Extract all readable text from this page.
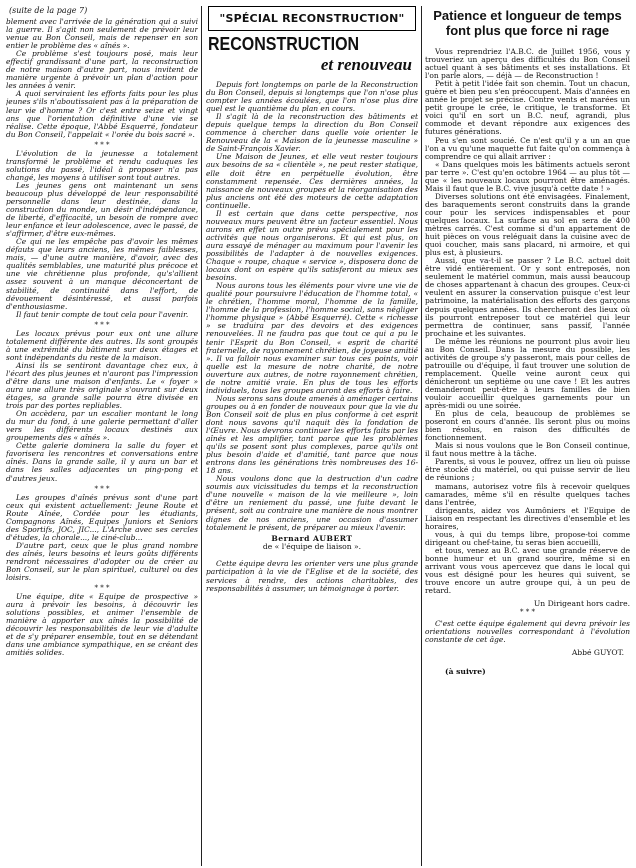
(suite de la page 7)

blement avec l'arrivée de la génération qui a suivi la guerre. Il s'agit non seulement de prévoir leur venue au Bon Conseil, mais de repenser en son entier le problème des « aînés ».

Ce problème s'est toujours posé, mais leur effectif grandissant d'une part, la reconstruction de notre maison d'autre part, nous invitent de manière urgente à prévoir un plan d'action pour les années à venir.

A quoi serviraient les efforts faits pour les plus jeunes s'ils n'aboutissaient pas à la préparation de leur vie d'homme ? Or c'est entre seize et vingt ans que l'orientation définitive d'une vie se réalise. Cette époque, l'Abbé Esquerré, fondateur du Bon Conseil, l'appelait « l'orée du bois sacré ».

* * *

L'évolution de la jeunesse a totalement transformé le problème et rendu caduques les solutions du passé, l'idéal à proposer n'a pas changé, les moyens à utiliser sont tout autres.

Les jeunes gens ont maintenant un sens beaucoup plus développé de leur responsabilité personnelle dans leur destinée, dans la construction du monde, un désir d'indépendance, de liberté, d'efficacité, un besoin de rompre avec leur enfance et leur adolescence, avec le passé, de s'affirmer, d'être eux-mêmes.

Ce qui ne les empêche pas d'avoir les mêmes défauts que leurs anciens, les mêmes faiblesses, mais, — d'une autre manière, d'avoir, avec des qualités semblables, une maturité plus précoce et une vie chrétienne plus profonde, qu's'allient assez souvent à un manque déconcertant de stabilité, de continuité dans l'effort, de dévouement désintéressé, et aussi parfois d'enthousiasme.

Il faut tenir compte de tout cela pour l'avenir.

* * *

Les locaux prévus pour eux ont une allure totalement différente des autres. Ils sont groupés à une extrémité du bâtiment sur deux étages et sont indépendants du reste de la maison.

Ainsi ils se sentiront davantage chez eux, à l'écart des plus jeunes et n'auront pas l'impression d'être dans une maison d'enfants. Le « foyer » aura une allure très originale s'ouvrant sur deux étages, sa grande salle pourra être divisée en trois par des portes repliables.

On accèdera, par un escalier montant le long du mur du fond, à une galerie permettant d'aller vers les différents locaux destinés aux groupements des « aînés ».

Cette galerie dominera la salle du foyer et favorisera les rencontres et conversations entre aînés. Dans la grande salle, il y aura un bar et dans les salles adjacentes un ping-pong et d'autres jeux.

* * *

Les groupes d'aînés prévus sont d'une part ceux qui existent actuellement: Jeune Route et Route Aînée, Cordée pour les étudiants, Compagnons Aînés, Equipes Juniors et Seniors des Sportifs, JOC, JIC..., L'Arche avec ses cercles d'études, la chorale..., le ciné-club...

D'autre part, ceux que le plus grand nombre des aînés, leurs besoins et leurs goûts différents rendront nécessaires d'adopter ou de créer au Bon Conseil, sur le plan spirituel, culturel ou des loisirs.

* * *

Une équipe, dite « Equipe de prospective » aura à prévoir les besoins, à découvrir les solutions possibles, et animer l'ensemble de manière à apporter aux aînés la possibilité de découvrir les responsabilités de leur vie d'adulte et de s'y préparer ensemble, tout en se détendant dans une ambiance sympathique, en se créant des amitiés solides.

"SPÉCIAL RECONSTRUCTION"
RECONSTRUCTION
et renouveau

Depuis fort longtemps on parle de la Reconstruction du Bon Conseil, depuis si longtemps que l'on n'ose plus compter les années écoulées, que l'on n'ose plus dire quel est le quantième du plan en cours.

Il s'agit là de la reconstruction des bâtiments et depuis quelque temps la direction du Bon Conseil commence à chercher dans quelle voie orienter le Renouveau de la « Maison de la jeunesse masculine » de Saint-François Xavier.

Une Maison de Jeunes, et elle veut rester toujours aux besoins de sa « clientèle », ne peut rester statique, elle doit être en perpétuelle évolution, être constamment repensée. Ces dernières années, la naissance de nouveaux groupes et la réorganisation des plus anciens ont été des moteurs de cette adaptation continuelle.

Il est certain que dans cette perspective, nos nouveaux murs peuvent être un facteur essentiel. Nous aurons en effet un outre prévu spécialement pour les activités que nous organiserons. Et qui est plus, on aura essayé de ménager au maximum pour l'avenir les possibilités de l'adapter à de nouvelles exigences. Chaque « roupe, chaque « service », disposera donc de locaux dont on espère qu'ils satisferont au mieux ses besoins.

Nous aurons tous les éléments pour vivre une vie de qualité pour poursuivre l'éducation de l'homme total, « le chrétien, l'homme moral, l'homme de la famille, l'homme de la profession, l'homme social, sans négliger l'homme physique » (Abbé Esquerré). Cette « richesse » se traduira par des devoirs et des exigences renouvelées. Il ne faudra pas que tout ce qui a pu le tenir l'Esprit du Bon Conseil, « esprit de charité fraternelle, de rayonnement chrétien, de joyeuse amitié ». Il va falloir nous examiner sur tous ces points, voir quelle est la mesure de notre charité, de notre ouverture aux autres, de notre rayonnement chrétien, de notre amitié vraie. En plus de tous les efforts individuels, tous les groupes auront des efforts à faire.

Nous serons sans doute amenés à aménager certains groupes ou à en fonder de nouveaux pour que la vie du Bon Conseil soit de plus en plus conforme à cet esprit dont nous savons qu'il naquit dès la fondation de l'Œuvre. Nous devrons continuer les efforts faits par les aînés et les amplifier, tant parce que les problèmes qu'ils se posent sont plus complexes, parce qu'ils ont plus besoin d'aide et d'amitié, tant parce que nous entrons dans les générations très nombreuses des 16-18 ans.

Nous voulons donc que la destruction d'un cadre soumis aux vicissitudes du temps et la reconstruction d'une nouvelle « maison de la vie meilleure », loin d'être un reniement du passé, une fuite devant le présent, soit au contraire une manière de nous montrer dignes de nos anciens, une occasion d'assumer totalement le présent, de préparer au mieux l'avenir.

Bernard AUBERT
de « l'équipe de liaison ».

Cette équipe devra les orienter vers une plus grande participation à la vie de l'Eglise et de la société, des services à rendre, des actions charitables, des responsabilités à assumer, un témoignage à porter.

Patience et longueur de temps
font plus que force ni rage

Vous reprendriez l'A.B.C. de Juillet 1956, vous y trouveriez un aperçu des difficultés du Bon Conseil actuel quant à ses bâtiments et ses installations. Et l'on parle alors, — déjà — de Reconstruction !

Petit à petit l'idée fait son chemin. Tout un chacun, guère et bien peu s'en préoccupent. Mais d'années en année le projet se précise. Contre vents et marées un petit groupe le crée, le critique, le transforme. Et voici qu'il en sort un B.C. neuf, agrandi, plus commode et devant répondre aux exigences des futures générations.

Peu s'en sont soucié. Ce n'est qu'il y a un an que l'on a vu qu'une maquette fut faite qu'on commença à comprendre ce qui allait arriver :

« Dans quelques mois les bâtiments actuels seront par terre ». C'est qu'en octobre 1964 — au plus tôt — que « les nouveaux locaux pourront être aménagés. Mais il faut que le B.C. vive jusqu'à cette date ! »

Diverses solutions ont été envisagées. Finalement, des baraquements seront construits dans la grande cour pour les services indispensables et pour quelques locaux. La surface au sol en sera de 400 mètres carrés. C'est comme si d'un appartement de huit pièces on vous reléguait dans la cuisine avec de quoi coucher, mais sans placard, ni armoire, et qui plus est, à plusieurs.

Aussi, que va-t-il se passer ? Le B.C. actuel doit être vidé entièrement. Or y sont entreposés, non seulement le matériel commun, mais aussi beaucoup de choses appartenant à chacun des groupes. Ceux-ci veulent en assurer la conservation puisque c'est leur patrimoine, la matérialisation des efforts des garçons depuis quelques années. Ils chercheront des lieux où ils pourront entreposer tout ce matériel qui leur permettra de continuer, sans passif, l'année prochaine et les suivantes.

De même les réunions ne pourront plus avoir lieu au Bon Conseil. Dans la mesure du possible, les activités de groupe s'y passeront, mais pour celles de patrouille ou d'équipe, il faut trouver une solution de remplacement. Quelle veine auront ceux qui dénicheront un septième ou une cave ! Et les autres demanderont peut-être à leurs familles de bien vouloir accueillir quelques garnements pour un après-midi ou une soirée.

En plus de cela, beaucoup de problèmes se poseront en cours d'année. Ils seront plus ou moins bien résolus, en raison des difficultés de fonctionnement.

Mais si nous voulons que le Bon Conseil continue, il faut nous mettre à la tâche.

Parents, si vous le pouvez, offrez un lieu où puisse être stocké du matériel, ou qui puisse servir de lieu de réunions ;

mamans, autorisez votre fils à recevoir quelques camarades, même s'il en résulte quelques taches dans l'entrée,

dirigeants, aidez vos Aumôniers et l'Equipe de Liaison en respectant les directives d'ensemble et les horaires,

vous, à qui du temps libre, propose-toi comme dirigeant ou chef-taine, tu seras bien accueilli,

et tous, venez au B.C. avec une grande réserve de bonne humeur et un grand sourire, même si en arrivant vous vous apercevez que dans le local qui vous est désigné pour les heures qui suivent, se trouve encore un autre groupe qui, à un peu de retard.

Un Dirigeant hors cadre.
* * *

C'est cette équipe également qui devra prévoir les orientations nouvelles correspondant à l'évolution constante de cet âge.

Abbé GUYOT.
(à suivre)
